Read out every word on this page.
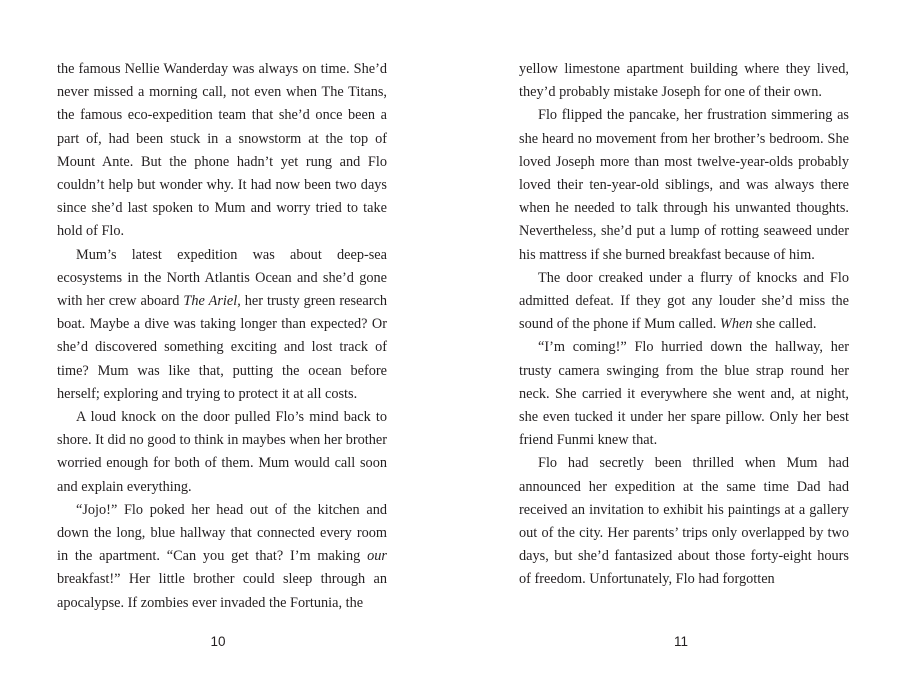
the famous Nellie Wanderday was always on time. She’d never missed a morning call, not even when The Titans, the famous eco-expedition team that she’d once been a part of, had been stuck in a snowstorm at the top of Mount Ante. But the phone hadn’t yet rung and Flo couldn’t help but wonder why. It had now been two days since she’d last spoken to Mum and worry tried to take hold of Flo.

Mum’s latest expedition was about deep-sea ecosystems in the North Atlantis Ocean and she’d gone with her crew aboard The Ariel, her trusty green research boat. Maybe a dive was taking longer than expected? Or she’d discovered something exciting and lost track of time? Mum was like that, putting the ocean before herself; exploring and trying to protect it at all costs.

A loud knock on the door pulled Flo’s mind back to shore. It did no good to think in maybes when her brother worried enough for both of them. Mum would call soon and explain everything.

“Jojo!” Flo poked her head out of the kitchen and down the long, blue hallway that connected every room in the apartment. “Can you get that? I’m making our breakfast!” Her little brother could sleep through an apocalypse. If zombies ever invaded the Fortunia, the

10

yellow limestone apartment building where they lived, they’d probably mistake Joseph for one of their own.

Flo flipped the pancake, her frustration simmering as she heard no movement from her brother’s bedroom. She loved Joseph more than most twelve-year-olds probably loved their ten-year-old siblings, and was always there when he needed to talk through his unwanted thoughts. Nevertheless, she’d put a lump of rotting seaweed under his mattress if she burned breakfast because of him.

The door creaked under a flurry of knocks and Flo admitted defeat. If they got any louder she’d miss the sound of the phone if Mum called. When she called.

“I’m coming!” Flo hurried down the hallway, her trusty camera swinging from the blue strap round her neck. She carried it everywhere she went and, at night, she even tucked it under her spare pillow. Only her best friend Funmi knew that.

Flo had secretly been thrilled when Mum had announced her expedition at the same time Dad had received an invitation to exhibit his paintings at a gallery out of the city. Her parents’ trips only overlapped by two days, but she’d fantasized about those forty-eight hours of freedom. Unfortunately, Flo had forgotten

11
